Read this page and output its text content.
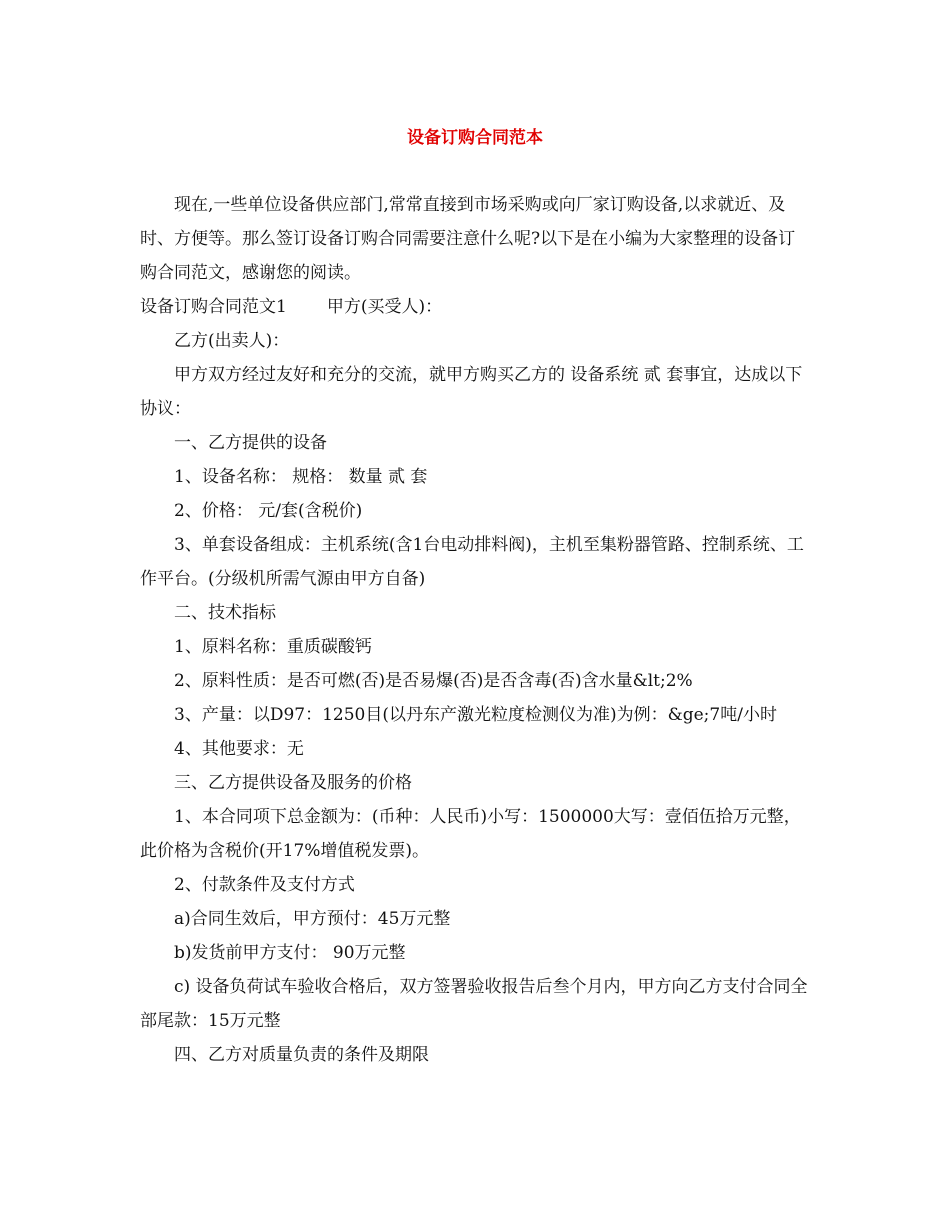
设备订购合同范本

现在,一些单位设备供应部门,常常直接到市场采购或向厂家订购设备,以求就近、及时、方便等。那么签订设备订购合同需要注意什么呢?以下是在小编为大家整理的设备订购合同范文，感谢您的阅读。

设备订购合同范文1 甲方(买受人)：

乙方(出卖人)：

甲方双方经过友好和充分的交流，就甲方购买乙方的 设备系统 贰 套事宜，达成以下协议：

一、乙方提供的设备

1、设备名称： 规格： 数量 贰 套

2、价格： 元/套(含税价)

3、单套设备组成：主机系统(含1台电动排料阀)，主机至集粉器管路、控制系统、工作平台。(分级机所需气源由甲方自备)

二、技术指标

1、原料名称：重质碳酸钙

2、原料性质：是否可燃(否)是否易爆(否)是否含毒(否)含水量&lt;2%

3、产量：以D97：1250目(以丹东产激光粒度检测仪为准)为例：&ge;7吨/小时

4、其他要求：无

三、乙方提供设备及服务的价格

1、本合同项下总金额为：(币种：人民币)小写：1500000大写：壹佰伍拾万元整，此价格为含税价(开17%增值税发票)。

2、付款条件及支付方式

a)合同生效后，甲方预付：45万元整

b)发货前甲方支付： 90万元整

c) 设备负荷试车验收合格后，双方签署验收报告后叁个月内，甲方向乙方支付合同全部尾款：15万元整

四、乙方对质量负责的条件及期限
